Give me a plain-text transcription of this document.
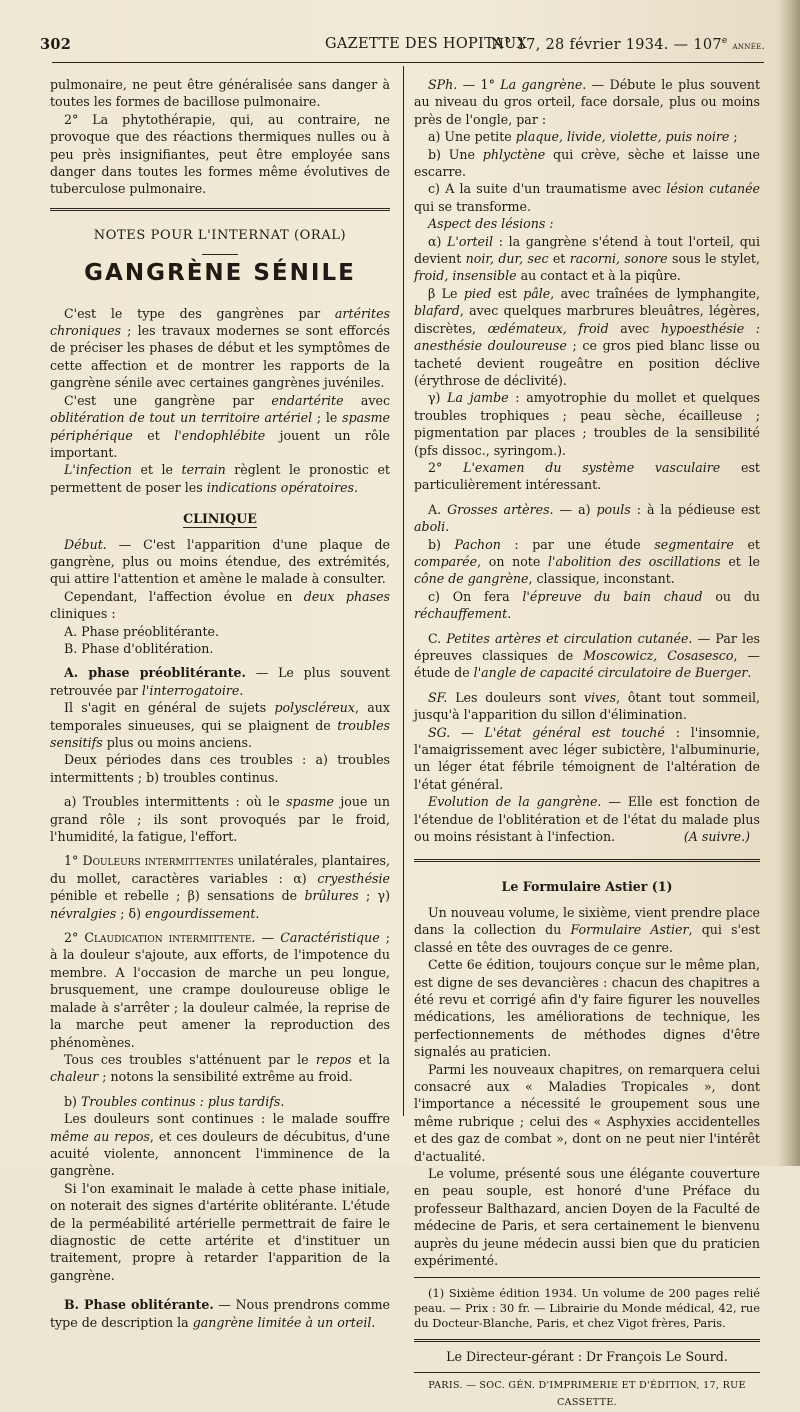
302	GAZETTE DES HOPITAUX
N° 17, 28 février 1934. — 107e année.

pulmonaire, ne peut être généralisée sans danger à toutes les formes de bacillose pulmonaire.

2° La phytothérapie, qui, au contraire, ne provoque que des réactions thermiques nulles ou à peu près insignifiantes, peut être employée sans danger dans toutes les formes même évolutives de tuberculose pulmonaire.

NOTES POUR L'INTERNAT (ORAL)
GANGRÈNE SÉNILE

C'est le type des gangrènes par artérites chroniques ; les travaux modernes se sont efforcés de préciser les phases de début et les symptômes de cette affection et de montrer les rapports de la gangrène sénile avec certaines gangrènes juvéniles.

C'est une gangrène par endartérite avec oblitération de tout un territoire artériel ; le spasme périphérique et l'endophlébite jouent un rôle important.

L'infection et le terrain règlent le pronostic et permettent de poser les indications opératoires.

CLINIQUE

Début. — C'est l'apparition d'une plaque de gangrène, plus ou moins étendue, des extrémités, qui attire l'attention et amène le malade à consulter.

Cependant, l'affection évolue en deux phases cliniques :

A. Phase préoblitérante.

B. Phase d'oblitération.

A. phase préoblitérante. — Le plus souvent retrouvée par l'interrogatoire.

Il s'agit en général de sujets polyscléreux, aux temporales sinueuses, qui se plaignent de troubles sensitifs plus ou moins anciens.

Deux périodes dans ces troubles : a) troubles intermittents ; b) troubles continus.

a) Troubles intermittents : où le spasme joue un grand rôle ; ils sont provoqués par le froid, l'humidité, la fatigue, l'effort.

1° Douleurs intermittentes unilatérales, plantaires, du mollet, caractères variables : α) cryesthésie pénible et rebelle ; β) sensations de brûlures ; γ) névralgies ; δ) engourdissement.

2° Claudication intermittente. — Caractéristique ; à la douleur s'ajoute, aux efforts, de l'impotence du membre. A l'occasion de marche un peu longue, brusquement, une crampe douloureuse oblige le malade à s'arrêter ; la douleur calmée, la reprise de la marche peut amener la reproduction des phénomènes.

Tous ces troubles s'atténuent par le repos et la chaleur ; notons la sensibilité extrême au froid.

b) Troubles continus : plus tardifs.

Les douleurs sont continues : le malade souffre même au repos, et ces douleurs de décubitus, d'une acuité violente, annoncent l'imminence de la gangrène.

Si l'on examinait le malade à cette phase initiale, on noterait des signes d'artérite oblitérante. L'étude de la perméabilité artérielle permettrait de faire le diagnostic de cette artérite et d'instituer un traitement, propre à retarder l'apparition de la gangrène.

B. Phase oblitérante. — Nous prendrons comme type de description la gangrène limitée à un orteil.

SPh. — 1° La gangrène. — Débute le plus souvent au niveau du gros orteil, face dorsale, plus ou moins près de l'ongle, par :

a) Une petite plaque, livide, violette, puis noire ;

b) Une phlyctène qui crève, sèche et laisse une escarre.

c) A la suite d'un traumatisme avec lésion cutanée qui se transforme.

Aspect des lésions :

α) L'orteil : la gangrène s'étend à tout l'orteil, qui devient noir, dur, sec et racorni, sonore sous le stylet, froid, insensible au contact et à la piqûre.

β Le pied est pâle, avec traînées de lymphangite, blafard, avec quelques marbrures bleuâtres, légères, discrètes, œdémateux, froid avec hypoesthésie : anesthésie douloureuse ; ce gros pied blanc lisse ou tacheté devient rougeâtre en position déclive (érythrose de déclivité).

γ) La jambe : amyotrophie du mollet et quelques troubles trophiques ; peau sèche, écailleuse ; pigmentation par places ; troubles de la sensibilité (pfs dissoc., syringom.).

2° L'examen du système vasculaire est particulièrement intéressant.

A. Grosses artères. — a) pouls : à la pédieuse est aboli.

b) Pachon : par une étude segmentaire et comparée, on note l'abolition des oscillations et le cône de gangrène, classique, inconstant.

c) On fera l'épreuve du bain chaud ou du réchauffement.

C. Petites artères et circulation cutanée. — Par les épreuves classiques de Moscowicz, Cosasesco, — étude de l'angle de capacité circulatoire de Buerger.

SF. Les douleurs sont vives, ôtant tout sommeil, jusqu'à l'apparition du sillon d'élimination.

SG. — L'état général est touché : l'insomnie, l'amaigrissement avec léger subictère, l'albuminurie, un léger état fébrile témoignent de l'altération de l'état général.

Evolution de la gangrène. — Elle est fonction de l'étendue de l'oblitération et de l'état du malade plus ou moins résistant à l'infection.	(A suivre.)

Le Formulaire Astier (1)

Un nouveau volume, le sixième, vient prendre place dans la collection du Formulaire Astier, qui s'est classé en tête des ouvrages de ce genre.

Cette 6e édition, toujours conçue sur le même plan, est digne de ses devancières : chacun des chapitres a été revu et corrigé afin d'y faire figurer les nouvelles médications, les améliorations de technique, les perfectionnements de méthodes dignes d'être signalés au praticien.

Parmi les nouveaux chapitres, on remarquera celui consacré aux « Maladies Tropicales », dont l'importance a nécessité le groupement sous une même rubrique ; celui des « Asphyxies accidentelles et des gaz de combat », dont on ne peut nier l'intérêt d'actualité.

Le volume, présenté sous une élégante couverture en peau souple, est honoré d'une Préface du professeur Balthazard, ancien Doyen de la Faculté de médecine de Paris, et sera certainement le bienvenu auprès du jeune médecin aussi bien que du praticien expérimenté.

(1) Sixième édition 1934. Un volume de 200 pages relié peau. — Prix : 30 fr. — Librairie du Monde médical, 42, rue du Docteur-Blanche, Paris, et chez Vigot frères, Paris.

Le Directeur-gérant : Dr François Le Sourd.
PARIS. — SOC. GÉN. D'IMPRIMERIE ET D'ÉDITION, 17, RUE CASSETTE.
